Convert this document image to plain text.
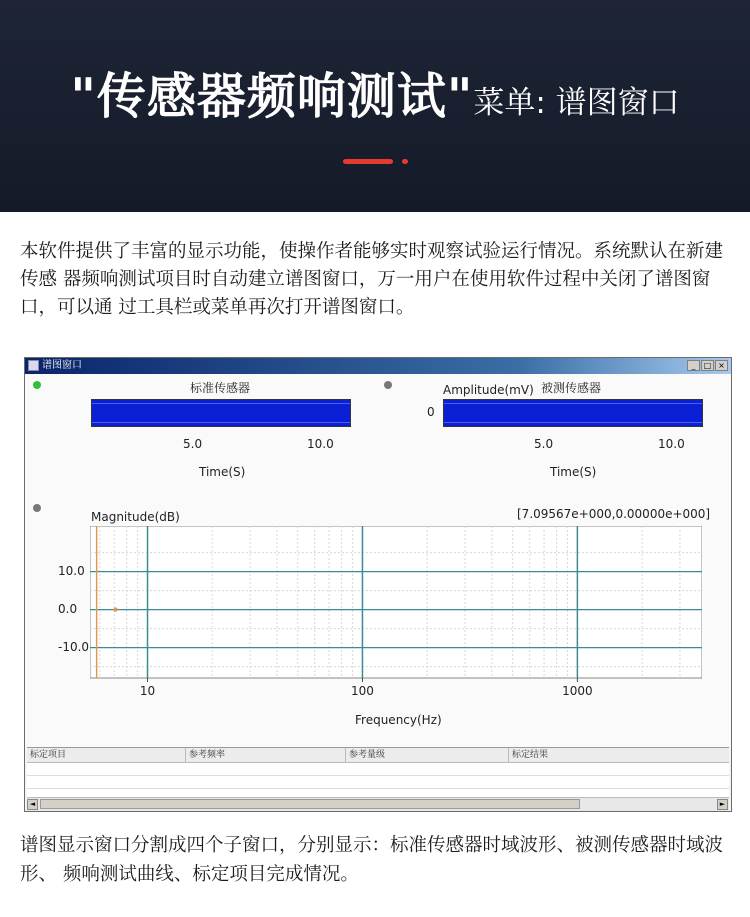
"传感器频响测试"菜单: 谱图窗口

本软件提供了丰富的显示功能，使操作者能够实时观察试验运行情况。系统默认在新建传感 器频响测试项目时自动建立谱图窗口，万一用户在使用软件过程中关闭了谱图窗口，可以通 过工具栏或菜单再次打开谱图窗口。

谱图窗口	_	□ ×
标准传感器
5.0	10.0
Time(S)
Amplitude(mV) 被测传感器
0
5.0	10.0
Time(S)
Magnitude(dB)	[7.09567e+000,0.00000e+000]
10	100	1000
Frequency(Hz)
10.0
0.0
-10.0
标定项目	参考频率	参考量级	标定结果
◄	►

谱图显示窗口分割成四个子窗口，分别显示：标准传感器时域波形、被测传感器时域波形、 频响测试曲线、标定项目完成情况。
